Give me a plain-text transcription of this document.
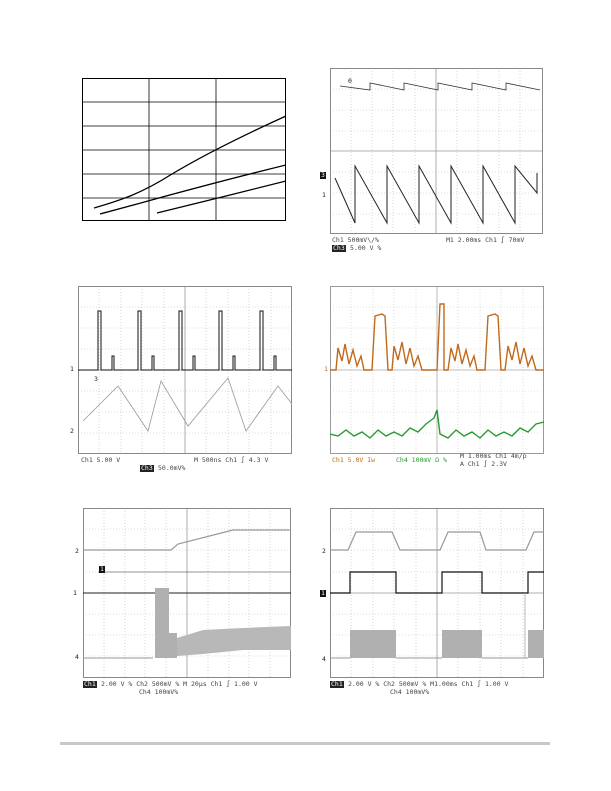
0
3
1
Ch1 500mV\/%
Ch3 5.00 V %
M1 2.00ms Ch1 ∫ 70mV
1
3
2
Ch1 5.00 V	M 500ns Ch1 ∫ 4.3 V
Ch3 50.0mV%
1
Ch1 5.0V Iw	Ch4 100mV Ω % M 1.00ms Ch1 4m/p
A Ch1 ∫ 2.3V
2
1
1
4
Ch1 2.00 V % Ch2 500mV % M 20μs Ch1 ∫ 1.00 V
Ch4 100mV%
2
1
4
Ch1 2.00 V % Ch2 500mV % M1.00ms Ch1 ∫ 1.00 V
Ch4 100mV%
